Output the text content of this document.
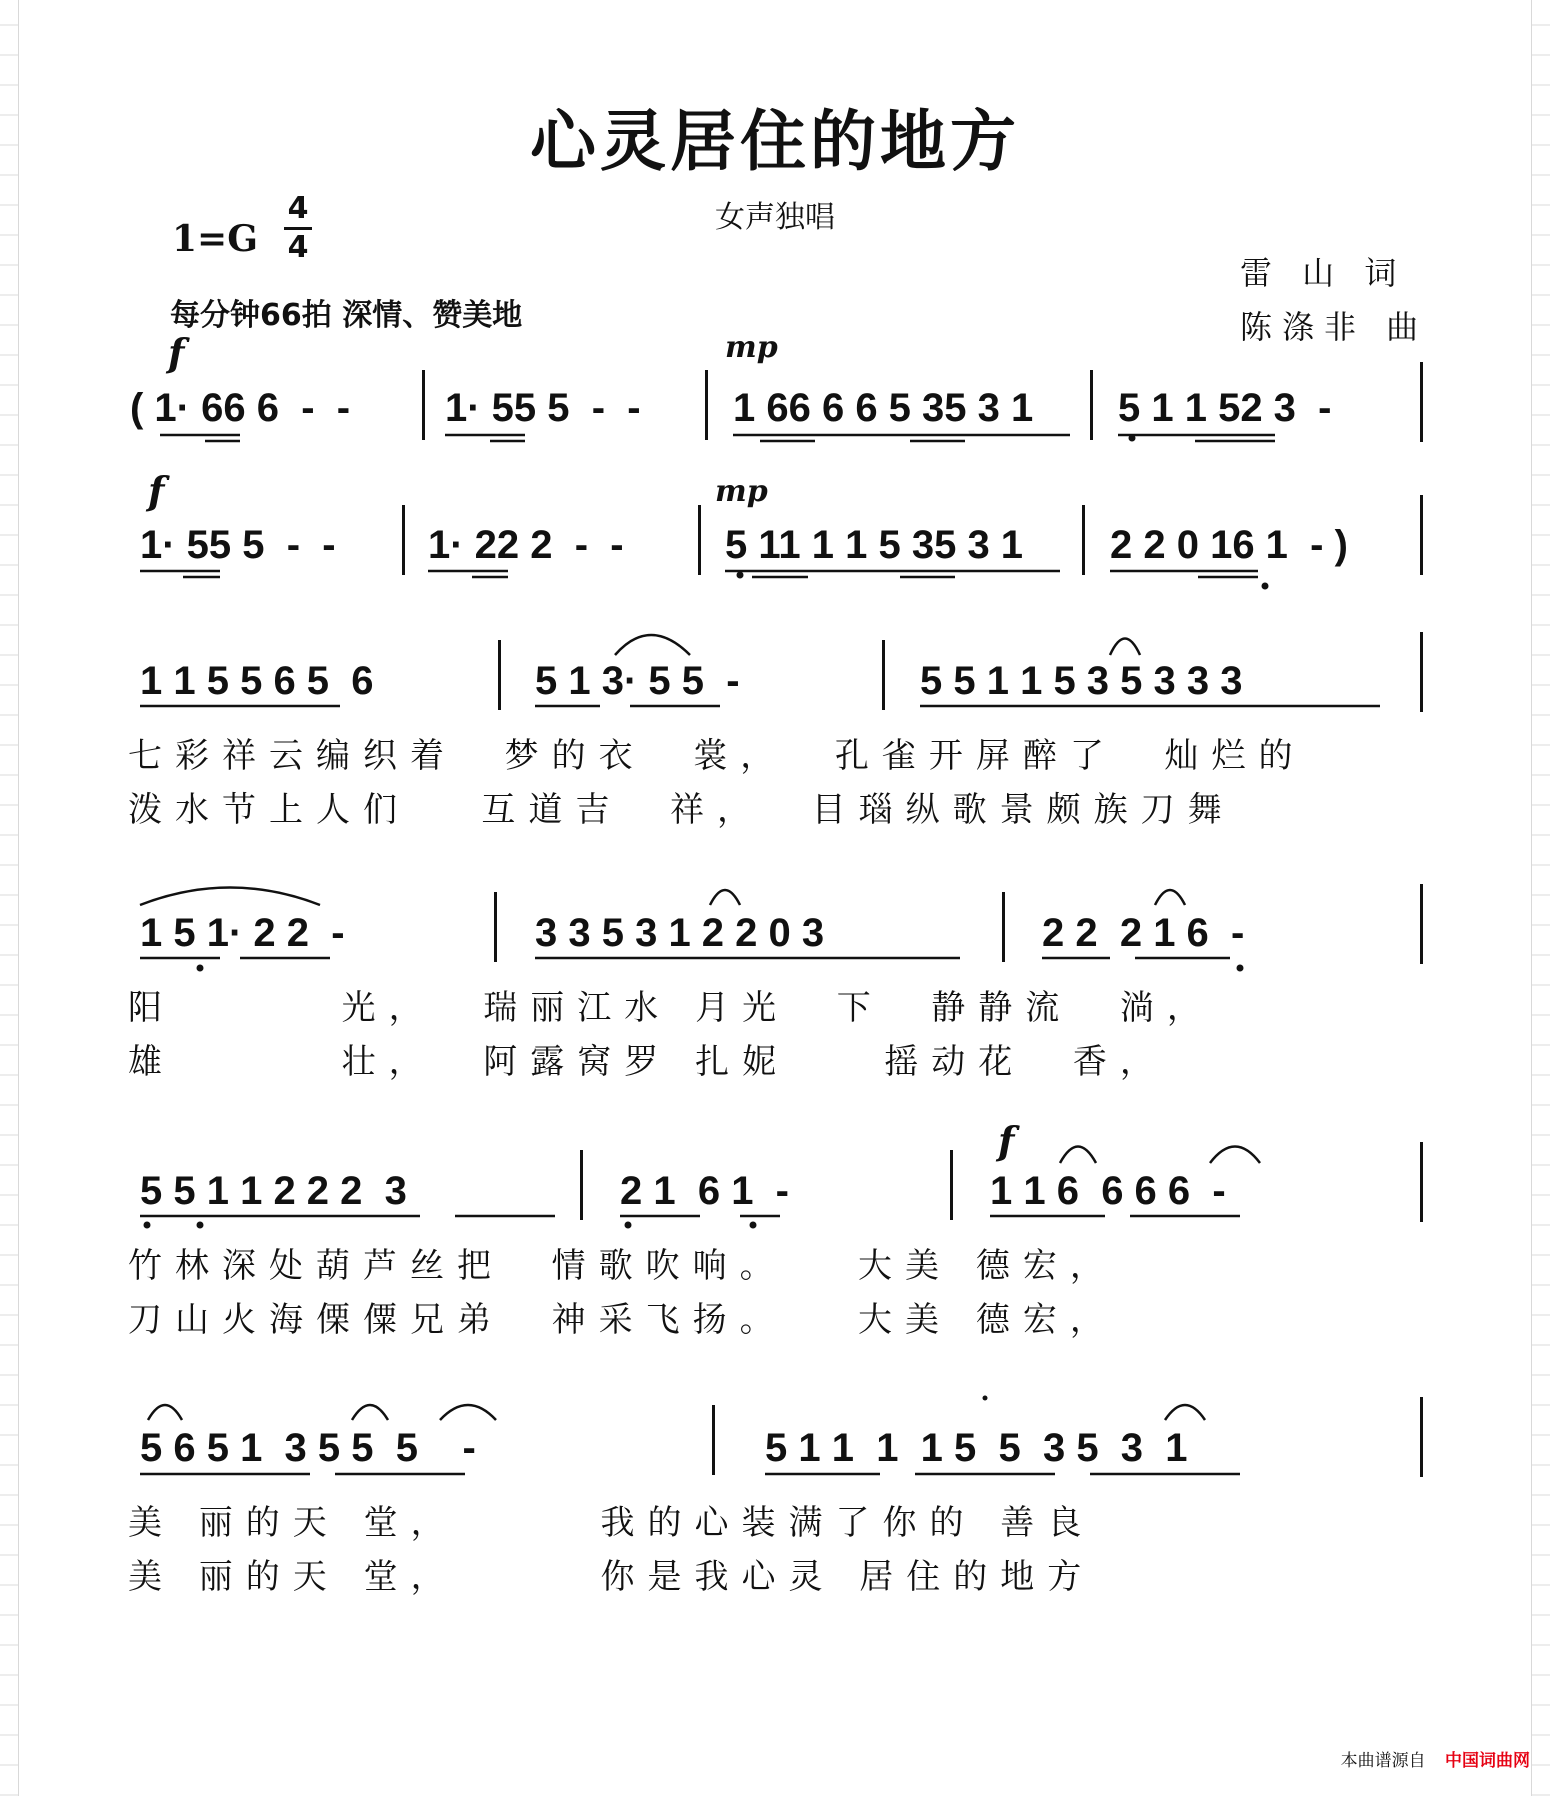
心灵居住的地方
女声独唱
1=G
4
4
每分钟66拍 深情、赞美地
雷 山 词
陈涤非 曲
f	mp
( 1· 66 6  -  - 1· 55 5  -  - 1 66 6 6 5 35 3 1 5 1 1 52 3  -
f	mp
1· 55 5  -  - 1· 22 2  -  -	5 11 1 1 5 35 3 1 2 2 0 16 1  - )
1 1 5 5 6 5  6	5 1 3· 5 5  -	5 5 1 1 5 3 5 3 3 3
七彩祥云编织着  梦的衣  裳，  孔雀开屏醉了  灿烂的
泼水节上人们   互道吉  祥，  目瑙纵歌景颇族刀舞
1 5 1· 2 2  -	3 3 5 3 1 2 2 0 3	2 2  2 1 6  -
阳       光，  瑞丽江水 月光  下  静静流  淌，
雄       壮，  阿露窝罗 扎妮    摇动花  香，
f
5 5 1 1 2 2 2  3	2 1  6 1  -	1 1 6  6 6 6  -
竹林深处葫芦丝把  情歌吹响。   大美 德宏，
刀山火海傈僳兄弟  神采飞扬。   大美 德宏，
5 6 5 1  3 5 5  5    -	5 1 1  1  1 5  5  3 5  3  1
美 丽的天 堂，      我的心装满了你的 善良
美 丽的天 堂，      你是我心灵 居住的地方
本曲谱源自 中国词曲网
